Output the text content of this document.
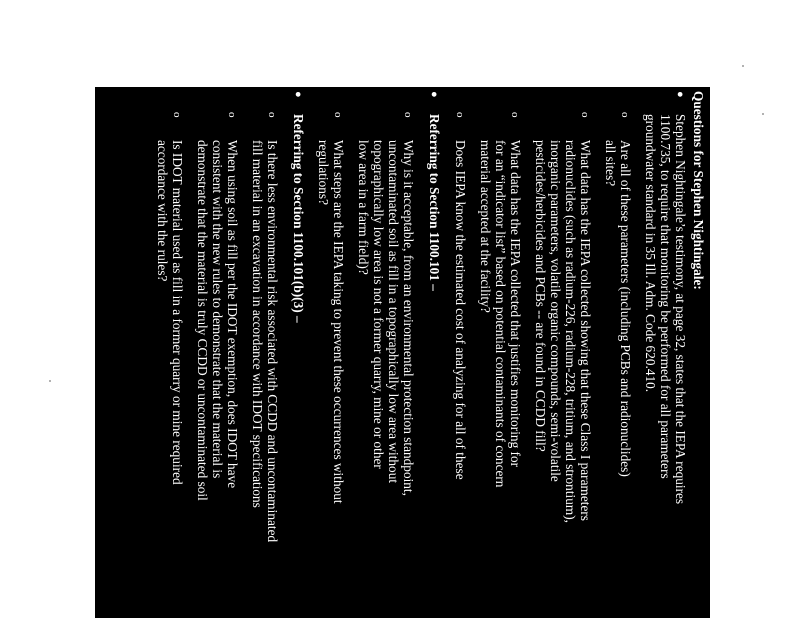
Questions for Stephen Nightingale:
●
Stephen Nightingale’s testimony, at page 32, states that the IEPA requires
1100.735, to require that monitoring be performed for all parameters
groundwater standard in 35 Ill. Adm. Code 620.410.
o
Are all of these parameters (including PCBs and radionuclides)
all sites?
o
What data has the IEPA collected showing that these Class I parameters
radionuclides (such as radium-226, radium-228, tritium, and strontium),
inorganic parameters, volatile organic compounds, semi-volatile
pesticides/herbicides and PCBs -- are found in CCDD fill?
o
What data has the IEPA collected that justifies monitoring for
for an “indicator list” based on potential contaminants of concern
material accepted at the facility?
o
Does IEPA know the estimated cost of analyzing for all of these
●
Referring to Section 1100.101 –
o
Why is it acceptable, from an environmental protection standpoint,
uncontaminated soil as fill in a topographically low area without
topographically low area is not a former quarry, mine or other
low area in a farm field)?
o
What steps are the IEPA taking to prevent these occurrences without
regulations?
●
Referring to Section 1100.101(b)(3) –
o
Is there less environmental risk associated with CCDD and uncontaminated
fill material in an excavation in accordance with IDOT specifications
o
When using soil as fill per the IDOT exemption, does IDOT have
consistent with the new rules to demonstrate that the material is
demonstrate that the material is truly CCDD or uncontaminated soil
o
Is IDOT material used as fill in a former quarry or mine required
accordance with the rules?
